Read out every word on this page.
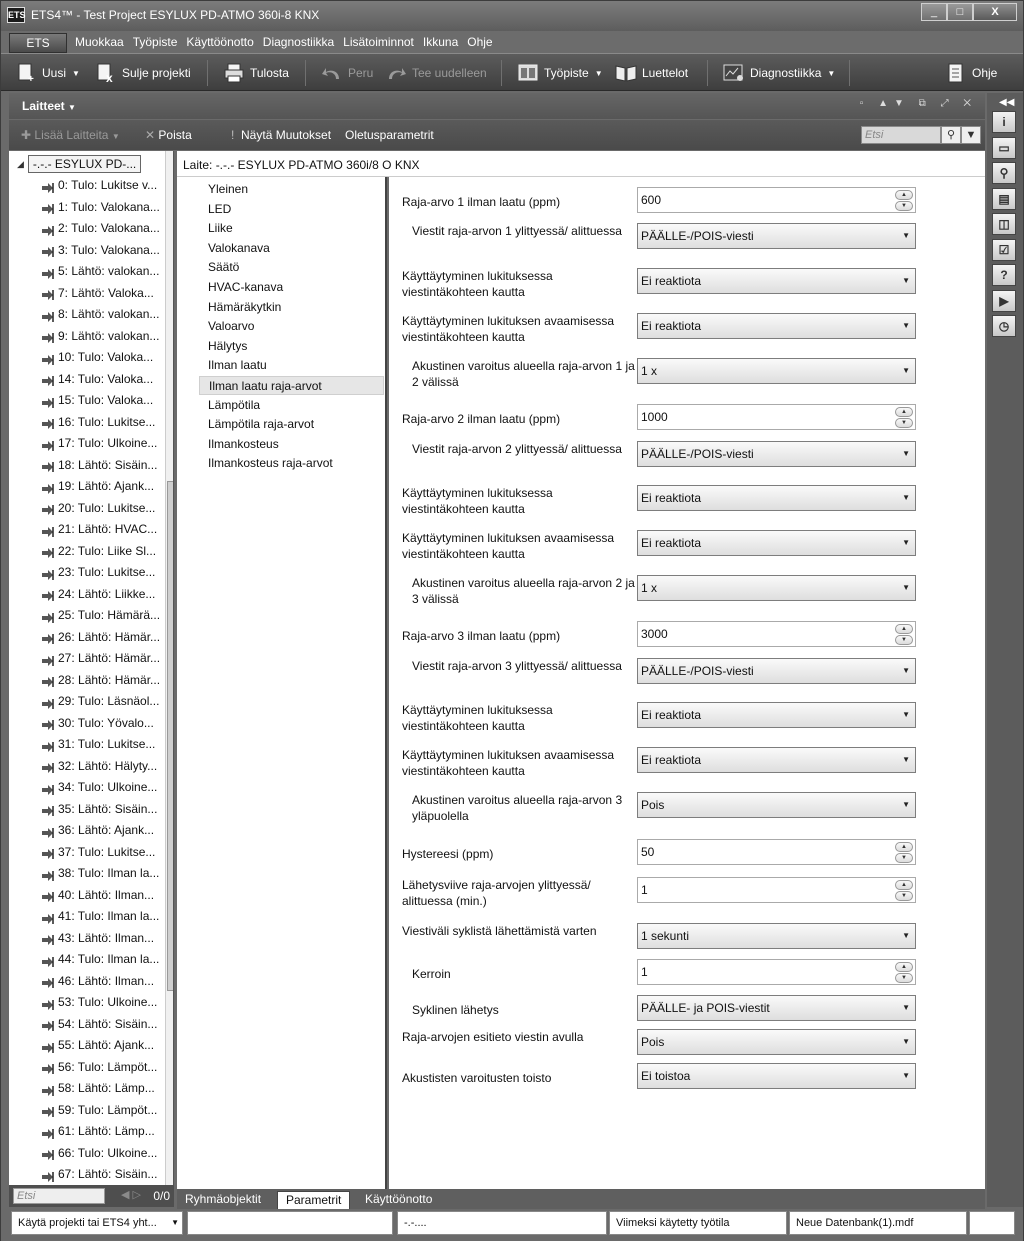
ETS ETS4™ - Test Project ESYLUX PD-ATMO 360i-8 KNX	_	□	X
ETS	Muokkaa Työpiste Käyttöönotto Diagnostiikka Lisätoiminnot Ikkuna Ohje
+ Uusi ▼ x Sulje projekti	Tulosta	Peru	Tee uudelleen	Työpiste ▼	Luettelot	Diagnostiikka ▼	Ohje
Laitteet ▼	▫ ▲▼ ⧉ ⤢ ✕
✚ Lisää Laitteita ▼ ✕ Poista	! Näytä Muutokset Oletusparametrit	Etsi	⚲ ▼
◢ -.-.- ESYLUX PD-...
0: Tulo: Lukitse v...
1: Tulo: Valokana...
2: Tulo: Valokana...
3: Tulo: Valokana...
5: Lähtö: valokan...
7: Lähtö: Valoka...
8: Lähtö: valokan...
9: Lähtö: valokan...
10: Tulo: Valoka...
14: Tulo: Valoka...
15: Tulo: Valoka...
16: Tulo: Lukitse...
17: Tulo: Ulkoine...
18: Lähtö: Sisäin...
19: Lähtö: Ajank...
20: Tulo: Lukitse...
21: Lähtö: HVAC...
22: Tulo: Liike Sl...
23: Tulo: Lukitse...
24: Lähtö: Liikke...
25: Tulo: Hämärä...
26: Lähtö: Hämär...
27: Lähtö: Hämär...
28: Lähtö: Hämär...
29: Tulo: Läsnäol...
30: Tulo: Yövalo...
31: Tulo: Lukitse...
32: Lähtö: Hälyty...
34: Tulo: Ulkoine...
35: Lähtö: Sisäin...
36: Lähtö: Ajank...
37: Tulo: Lukitse...
38: Tulo: Ilman la...
40: Lähtö: Ilman...
41: Tulo: Ilman la...
43: Lähtö: Ilman...
44: Tulo: Ilman la...
46: Lähtö: Ilman...
53: Tulo: Ulkoine...
54: Lähtö: Sisäin...
55: Lähtö: Ajank...
56: Tulo: Lämpöt...
58: Lähtö: Lämp...
59: Tulo: Lämpöt...
61: Lähtö: Lämp...
66: Tulo: Ulkoine...
67: Lähtö: Sisäin...
Etsi	◀ ▷ 0/0
Laite: -.-.- ESYLUX PD-ATMO 360i/8 O KNX
Yleinen
LED
Liike
Valokanava
Säätö
HVAC-kanava
Hämäräkytkin
Valoarvo
Hälytys
Ilman laatu
Ilman laatu raja-arvot
Lämpötila
Lämpötila raja-arvot
Ilmankosteus
Ilmankosteus raja-arvot
Raja-arvo 1 ilman laatu (ppm)	600	▲
▼
Viestit raja-arvon 1 ylittyessä/ alittuessa	PÄÄLLE-/POIS-viesti	▼
Käyttäytyminen lukituksessa viestintäkohteen kautta
Ei reaktiota	▼
Käyttäytyminen lukituksen avaamisessa viestintäkohteen kautta
Ei reaktiota	▼
Akustinen varoitus alueella raja-arvon 1 ja 2 välissä
1 x	▼
Raja-arvo 2 ilman laatu (ppm)	1000	▲
▼
Viestit raja-arvon 2 ylittyessä/ alittuessa	PÄÄLLE-/POIS-viesti	▼
Käyttäytyminen lukituksessa viestintäkohteen kautta
Ei reaktiota	▼
Käyttäytyminen lukituksen avaamisessa viestintäkohteen kautta
Ei reaktiota	▼
Akustinen varoitus alueella raja-arvon 2 ja 3 välissä
1 x	▼
Raja-arvo 3 ilman laatu (ppm)	3000	▲
▼
Viestit raja-arvon 3 ylittyessä/ alittuessa	PÄÄLLE-/POIS-viesti	▼
Käyttäytyminen lukituksessa viestintäkohteen kautta
Ei reaktiota	▼
Käyttäytyminen lukituksen avaamisessa viestintäkohteen kautta
Ei reaktiota	▼
Akustinen varoitus alueella raja-arvon 3 yläpuolella
Pois	▼
Hystereesi (ppm)	50	▲
▼
Lähetysviive raja-arvojen ylittyessä/ alittuessa (min.)
1	▲
▼
Viestiväli syklistä lähettämistä varten	1 sekunti	▼
Kerroin	1	▲
▼
Syklinen lähetys	PÄÄLLE- ja POIS-viestit	▼
Raja-arvojen esitieto viestin avulla	Pois	▼
Akustisten varoitusten toisto	Ei toistoa	▼
Ryhmäobjektit	Parametrit	Käyttöönotto
◀◀
i
▭
⚲
▤
◫
☑
?
▶
◷
Käytä projekti tai ETS4 yht... ▼	-.-....	Viimeksi käytetty työtila	Neue Datenbank(1).mdf
